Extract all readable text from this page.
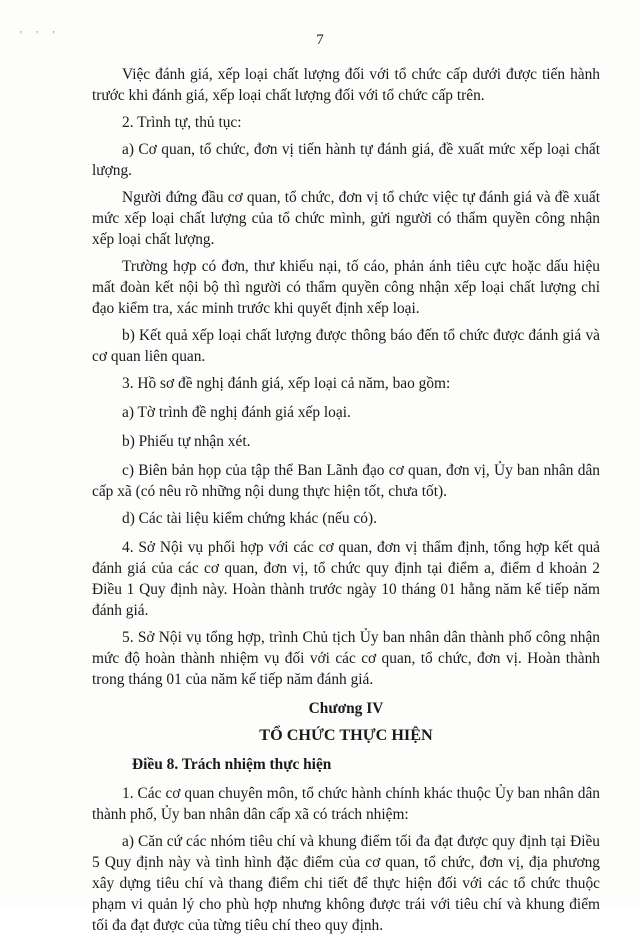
' ' '	7

Việc đánh giá, xếp loại chất lượng đối với tổ chức cấp dưới được tiến hành trước khi đánh giá, xếp loại chất lượng đối với tổ chức cấp trên.

2. Trình tự, thủ tục:

a) Cơ quan, tổ chức, đơn vị tiến hành tự đánh giá, đề xuất mức xếp loại chất lượng.

Người đứng đầu cơ quan, tổ chức, đơn vị tổ chức việc tự đánh giá và đề xuất mức xếp loại chất lượng của tổ chức mình, gửi người có thẩm quyền công nhận xếp loại chất lượng.

Trường hợp có đơn, thư khiếu nại, tố cáo, phản ánh tiêu cực hoặc dấu hiệu mất đoàn kết nội bộ thì người có thẩm quyền công nhận xếp loại chất lượng chỉ đạo kiểm tra, xác minh trước khi quyết định xếp loại.

b) Kết quả xếp loại chất lượng được thông báo đến tổ chức được đánh giá và cơ quan liên quan.

3. Hồ sơ đề nghị đánh giá, xếp loại cả năm, bao gồm:

a) Tờ trình đề nghị đánh giá xếp loại.

b) Phiếu tự nhận xét.

c) Biên bản họp của tập thể Ban Lãnh đạo cơ quan, đơn vị, Ủy ban nhân dân cấp xã (có nêu rõ những nội dung thực hiện tốt, chưa tốt).

d) Các tài liệu kiểm chứng khác (nếu có).

4. Sở Nội vụ phối hợp với các cơ quan, đơn vị thẩm định, tổng hợp kết quả đánh giá của các cơ quan, đơn vị, tổ chức quy định tại điểm a, điểm d khoản 2 Điều 1 Quy định này. Hoàn thành trước ngày 10 tháng 01 hằng năm kế tiếp năm đánh giá.

5. Sở Nội vụ tổng hợp, trình Chủ tịch Ủy ban nhân dân thành phố công nhận mức độ hoàn thành nhiệm vụ đối với các cơ quan, tổ chức, đơn vị. Hoàn thành trong tháng 01 của năm kế tiếp năm đánh giá.

Chương IV

TỔ CHỨC THỰC HIỆN

Điều 8. Trách nhiệm thực hiện

1. Các cơ quan chuyên môn, tổ chức hành chính khác thuộc Ủy ban nhân dân thành phố, Ủy ban nhân dân cấp xã có trách nhiệm:

a) Căn cứ các nhóm tiêu chí và khung điểm tối đa đạt được quy định tại Điều 5 Quy định này và tình hình đặc điểm của cơ quan, tổ chức, đơn vị, địa phương xây dựng tiêu chí và thang điểm chi tiết để thực hiện đối với các tổ chức thuộc phạm vi quản lý cho phù hợp nhưng không được trái với tiêu chí và khung điểm tối đa đạt được của từng tiêu chí theo quy định.
